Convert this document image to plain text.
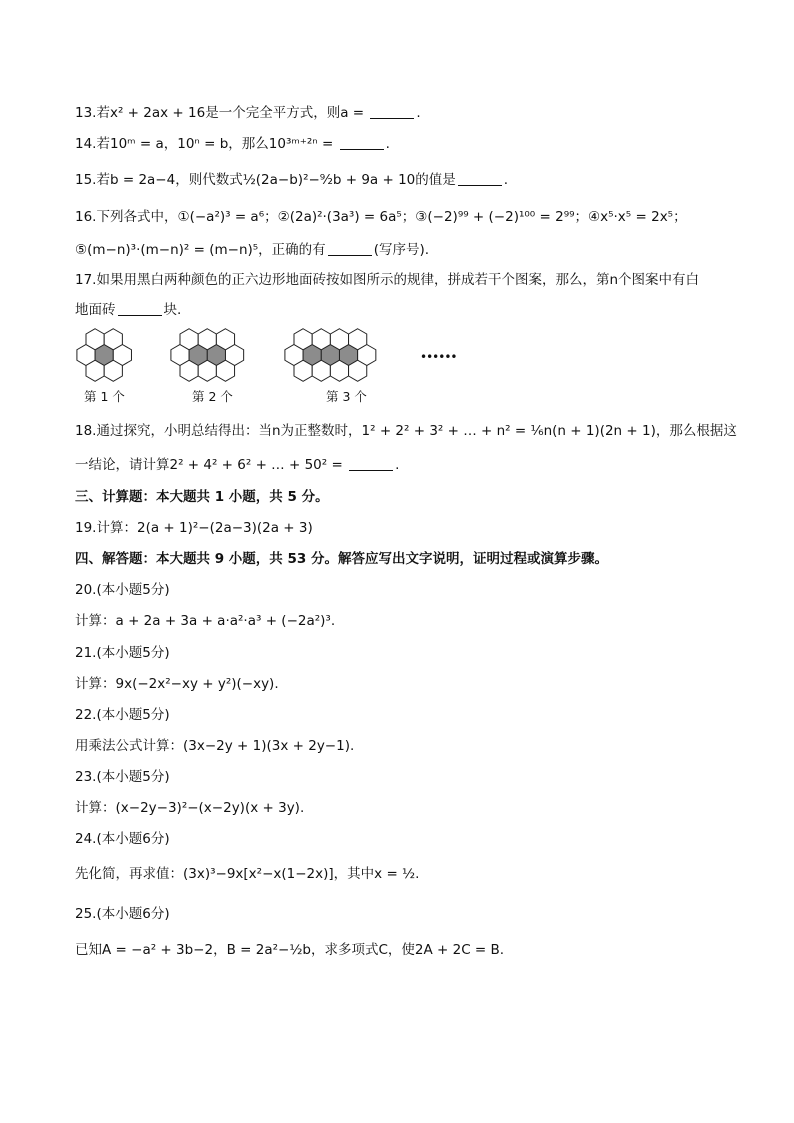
13.若x² + 2ax + 16是一个完全平方式，则a =	.
14.若10ᵐ = a，10ⁿ = b，那么10³ᵐ⁺²ⁿ =	.
15.若b = 2a−4，则代数式½(2a−b)²−⁹⁄₂b + 9a + 10的值是	.
16.下列各式中，①(−a²)³ = a⁶；②(2a)²·(3a³) = 6a⁵；③(−2)⁹⁹ + (−2)¹⁰⁰ = 2⁹⁹；④x⁵·x⁵ = 2x⁵；
⑤(m−n)³·(m−n)² = (m−n)⁵，正确的有	(写序号).
17.如果用黑白两种颜色的正六边形地面砖按如图所示的规律，拼成若干个图案，那么，第n个图案中有白
地面砖	块.
第 1 个	第 2 个	第 3 个
••••••
18.通过探究，小明总结得出：当n为正整数时，1² + 2² + 3² + … + n² = ⅙n(n + 1)(2n + 1)，那么根据这
一结论，请计算2² + 4² + 6² + … + 50² =	.
三、计算题：本大题共 1 小题，共 5 分。
19.计算：2(a + 1)²−(2a−3)(2a + 3)
四、解答题：本大题共 9 小题，共 53 分。解答应写出文字说明，证明过程或演算步骤。
20.(本小题5分)
计算：a + 2a + 3a + a·a²·a³ + (−2a²)³.
21.(本小题5分)
计算：9x(−2x²−xy + y²)(−xy).
22.(本小题5分)
用乘法公式计算：(3x−2y + 1)(3x + 2y−1).
23.(本小题5分)
计算：(x−2y−3)²−(x−2y)(x + 3y).
24.(本小题6分)
先化简，再求值：(3x)³−9x[x²−x(1−2x)]，其中x = ½.
25.(本小题6分)
已知A = −a² + 3b−2，B = 2a²−½b，求多项式C，使2A + 2C = B.
